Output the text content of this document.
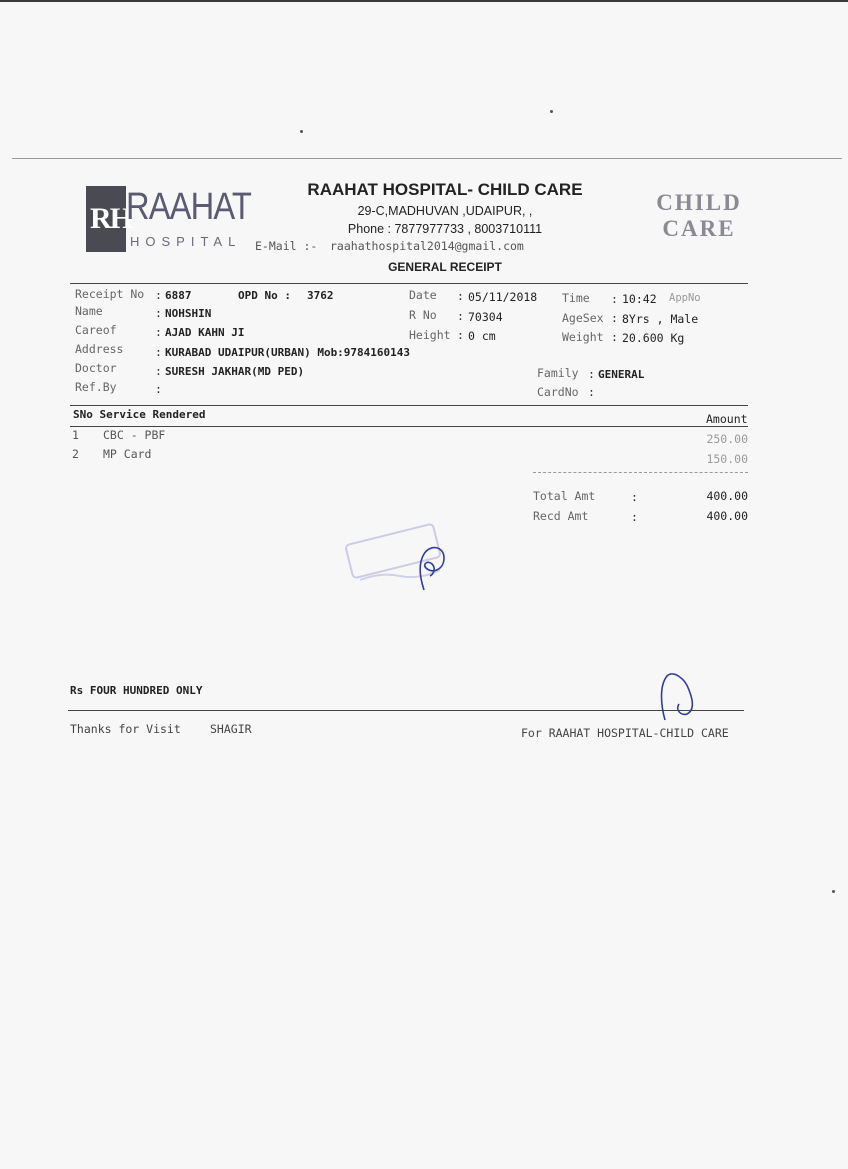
RH
RAAHAT
HOSPITAL
RAAHAT HOSPITAL- CHILD CARE
29-C,MADHUVAN ,UDAIPUR, ,
Phone : 7877977733 , 8003710111
E-Mail :- raahathospital2014@gmail.com
GENERAL RECEIPT
CHILD
CARE
Receipt No : 6887	OPD No : 3762	Date : 05/11/2018 Time : 10:42 AppNo
Name	: NOHSHIN	R No : 70304	AgeSex : 8Yrs , Male
Careof	: AJAD KAHN JI	Height : 0 cm	Weight : 20.600 Kg
Address	: KURABAD UDAIPUR(URBAN) Mob:9784160143
Doctor	: SURESH JAKHAR(MD PED)	Family : GENERAL
Ref.By	:	CardNo :
SNo Service Rendered	Amount
1 CBC - PBF	250.00
2 MP Card	150.00
Total Amt	:	400.00
Recd Amt	:	400.00
Rs FOUR HUNDRED ONLY
Thanks for Visit	SHAGIR	For RAAHAT HOSPITAL-CHILD CARE
